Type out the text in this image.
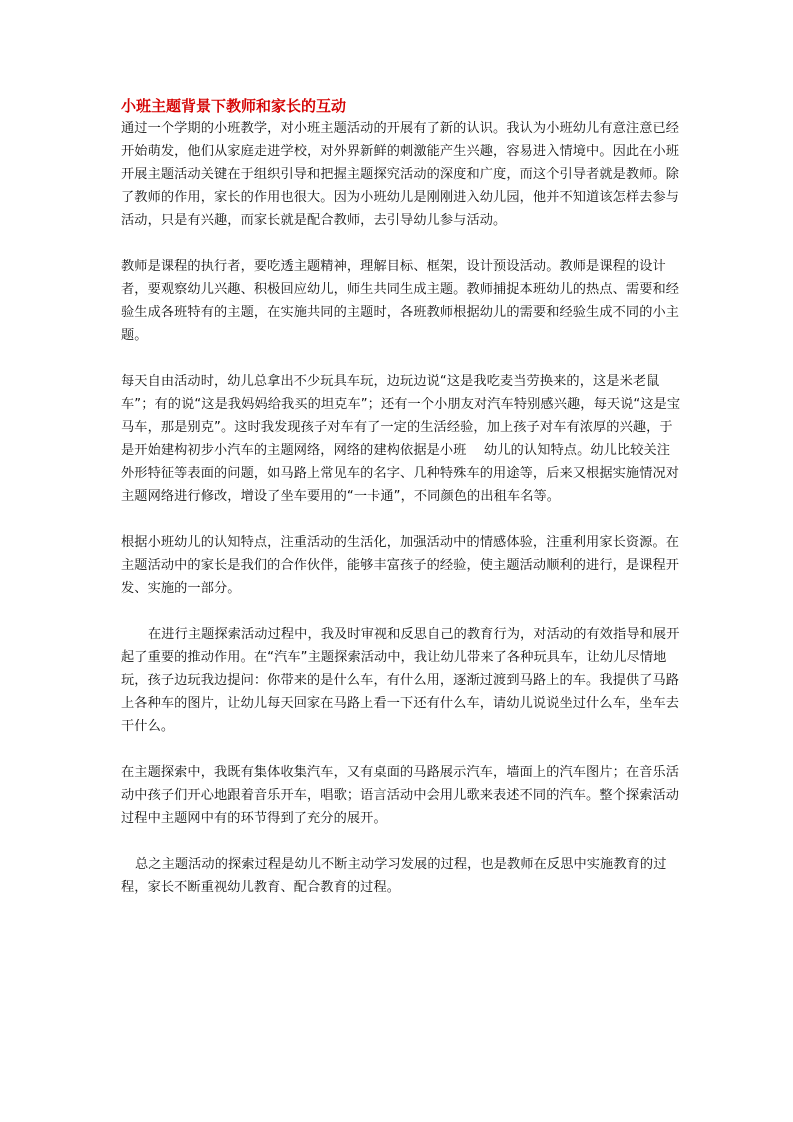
小班主题背景下教师和家长的互动

通过一个学期的小班教学，对小班主题活动的开展有了新的认识。我认为小班幼儿有意注意已经开始萌发，他们从家庭走进学校，对外界新鲜的刺激能产生兴趣，容易进入情境中。因此在小班开展主题活动关键在于组织引导和把握主题探究活动的深度和广度，而这个引导者就是教师。除了教师的作用，家长的作用也很大。因为小班幼儿是刚刚进入幼儿园，他并不知道该怎样去参与活动，只是有兴趣，而家长就是配合教师，去引导幼儿参与活动。

教师是课程的执行者，要吃透主题精神，理解目标、框架，设计预设活动。教师是课程的设计者，要观察幼儿兴趣、积极回应幼儿，师生共同生成主题。教师捕捉本班幼儿的热点、需要和经验生成各班特有的主题，在实施共同的主题时，各班教师根据幼儿的需要和经验生成不同的小主题。

每天自由活动时，幼儿总拿出不少玩具车玩，边玩边说“这是我吃麦当劳换来的，这是米老鼠车”；有的说“这是我妈妈给我买的坦克车”；还有一个小朋友对汽车特别感兴趣，每天说“这是宝马车，那是别克”。这时我发现孩子对车有了一定的生活经验，加上孩子对车有浓厚的兴趣，于是开始建构初步小汽车的主题网络，网络的建构依据是小班　 幼儿的认知特点。幼儿比较关注外形特征等表面的问题，如马路上常见车的名字、几种特殊车的用途等，后来又根据实施情况对主题网络进行修改，增设了坐车要用的“一卡通”，不同颜色的出租车名等。

根据小班幼儿的认知特点，注重活动的生活化，加强活动中的情感体验，注重利用家长资源。在主题活动中的家长是我们的合作伙伴，能够丰富孩子的经验，使主题活动顺利的进行，是课程开发、实施的一部分。

在进行主题探索活动过程中，我及时审视和反思自己的教育行为，对活动的有效指导和展开起了重要的推动作用。在“汽车”主题探索活动中，我让幼儿带来了各种玩具车，让幼儿尽情地玩，孩子边玩我边提问：你带来的是什么车，有什么用，逐渐过渡到马路上的车。我提供了马路上各种车的图片，让幼儿每天回家在马路上看一下还有什么车，请幼儿说说坐过什么车，坐车去干什么。

在主题探索中，我既有集体收集汽车，又有桌面的马路展示汽车，墙面上的汽车图片；在音乐活动中孩子们开心地跟着音乐开车，唱歌；语言活动中会用儿歌来表述不同的汽车。整个探索活动过程中主题网中有的环节得到了充分的展开。

总之主题活动的探索过程是幼儿不断主动学习发展的过程，也是教师在反思中实施教育的过程，家长不断重视幼儿教育、配合教育的过程。
